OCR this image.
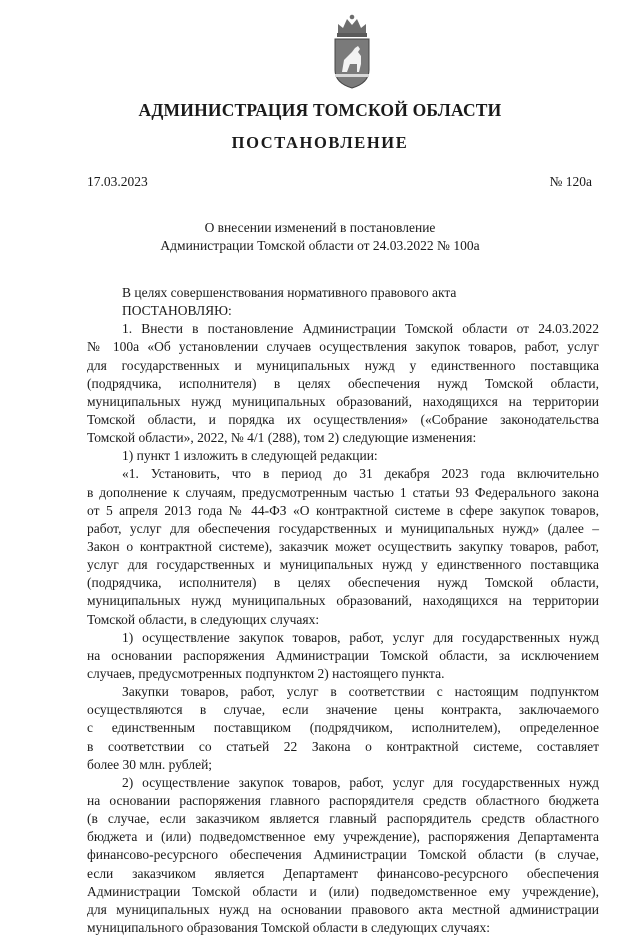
АДМИНИСТРАЦИЯ ТОМСКОЙ ОБЛАСТИ
ПОСТАНОВЛЕНИЕ
17.03.2023	№ 120а
О внесении изменений в постановление
Администрации Томской области от 24.03.2022 № 100а
В целях совершенствования нормативного правового акта
ПОСТАНОВЛЯЮ:
1. Внести в постановление Администрации Томской области от 24.03.2022
№ 100а «Об установлении случаев осуществления закупок товаров, работ, услуг
для государственных и муниципальных нужд у единственного поставщика
(подрядчика, исполнителя) в целях обеспечения нужд Томской области,
муниципальных нужд муниципальных образований, находящихся на территории
Томской области, и порядка их осуществления» («Собрание законодательства
Томской области», 2022, № 4/1 (288), том 2) следующие изменения:
1) пункт 1 изложить в следующей редакции:
«1. Установить, что в период до 31 декабря 2023 года включительно
в дополнение к случаям, предусмотренным частью 1 статьи 93 Федерального закона
от 5 апреля 2013 года № 44-ФЗ «О контрактной системе в сфере закупок товаров,
работ, услуг для обеспечения государственных и муниципальных нужд» (далее –
Закон о контрактной системе), заказчик может осуществить закупку товаров, работ,
услуг для государственных и муниципальных нужд у единственного поставщика
(подрядчика, исполнителя) в целях обеспечения нужд Томской области,
муниципальных нужд муниципальных образований, находящихся на территории
Томской области, в следующих случаях:
1) осуществление закупок товаров, работ, услуг для государственных нужд
на основании распоряжения Администрации Томской области, за исключением
случаев, предусмотренных подпунктом 2) настоящего пункта.
Закупки товаров, работ, услуг в соответствии с настоящим подпунктом
осуществляются в случае, если значение цены контракта, заключаемого
с единственным поставщиком (подрядчиком, исполнителем), определенное
в соответствии со статьей 22 Закона о контрактной системе, составляет
более 30 млн. рублей;
2) осуществление закупок товаров, работ, услуг для государственных нужд
на основании распоряжения главного распорядителя средств областного бюджета
(в случае, если заказчиком является главный распорядитель средств областного
бюджета и (или) подведомственное ему учреждение), распоряжения Департамента
финансово-ресурсного обеспечения Администрации Томской области (в случае,
если заказчиком является Департамент финансово-ресурсного обеспечения
Администрации Томской области и (или) подведомственное ему учреждение),
для муниципальных нужд на основании правового акта местной администрации
муниципального образования Томской области в следующих случаях:
